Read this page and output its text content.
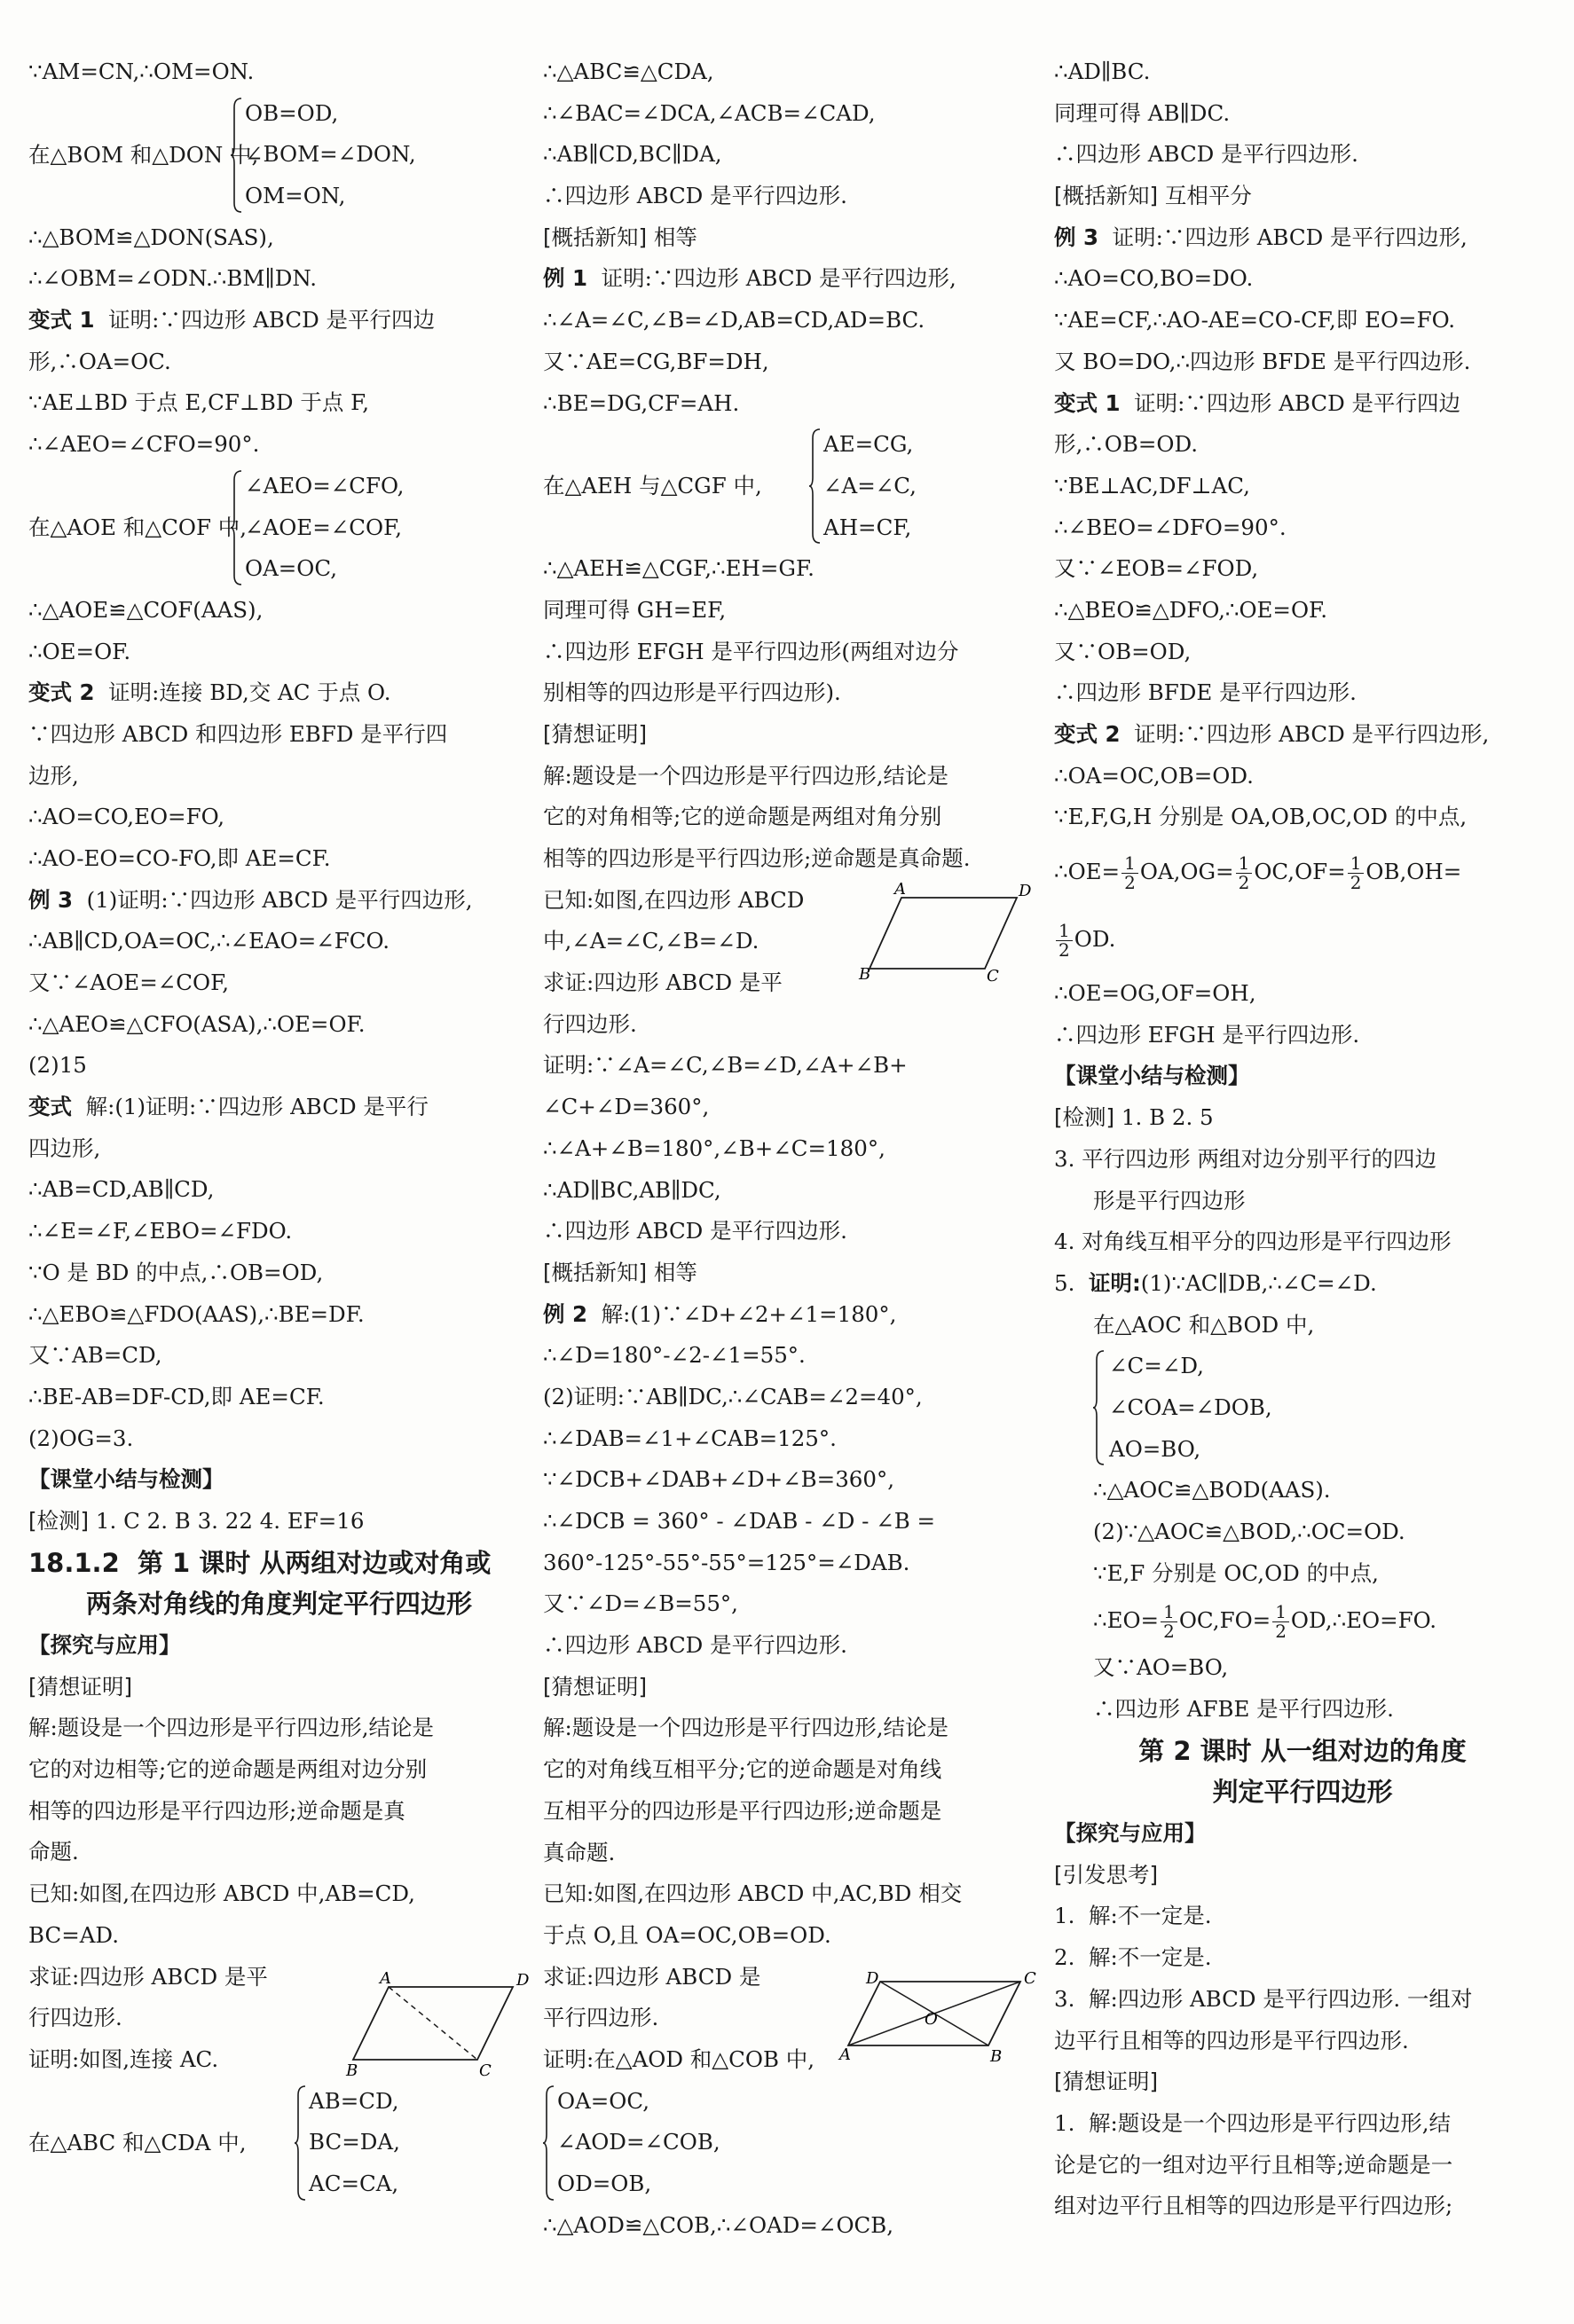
∵AM=CN,∴OM=ON.
在△BOM 和△DON 中,
OB=OD,
∠BOM=∠DON,
OM=ON,
∴△BOM≌△DON(SAS),
∴∠OBM=∠ODN.∴BM∥DN.
变式 1 证明:∵四边形 ABCD 是平行四边
形,∴OA=OC.
∵AE⊥BD 于点 E,CF⊥BD 于点 F,
∴∠AEO=∠CFO=90°.
在△AOE 和△COF 中,
∠AEO=∠CFO,
∠AOE=∠COF,
OA=OC,
∴△AOE≌△COF(AAS),
∴OE=OF.
变式 2 证明:连接 BD,交 AC 于点 O.
∵四边形 ABCD 和四边形 EBFD 是平行四
边形,
∴AO=CO,EO=FO,
∴AO-EO=CO-FO,即 AE=CF.
例 3 (1)证明:∵四边形 ABCD 是平行四边形,
∴AB∥CD,OA=OC,∴∠EAO=∠FCO.
又∵∠AOE=∠COF,
∴△AEO≌△CFO(ASA),∴OE=OF.
(2)15
变式 解:(1)证明:∵四边形 ABCD 是平行
四边形,
∴AB=CD,AB∥CD,
∴∠E=∠F,∠EBO=∠FDO.
∵O 是 BD 的中点,∴OB=OD,
∴△EBO≌△FDO(AAS),∴BE=DF.
又∵AB=CD,
∴BE-AB=DF-CD,即 AE=CF.
(2)OG=3.
【课堂小结与检测】
[检测] 1. C 2. B 3. 22 4. EF=16
18.1.2 第 1 课时 从两组对边或对角或
两条对角线的角度判定平行四边形
【探究与应用】
[猜想证明]
解:题设是一个四边形是平行四边形,结论是
它的对边相等;它的逆命题是两组对边分别
相等的四边形是平行四边形;逆命题是真
命题.
已知:如图,在四边形 ABCD 中,AB=CD,
BC=AD.
求证:四边形 ABCD 是平
行四边形.
证明:如图,连接 AC.
在△ABC 和△CDA 中,
AB=CD,
BC=DA,
AC=CA,
A	D
B	C
∴△ABC≌△CDA,
∴∠BAC=∠DCA,∠ACB=∠CAD,
∴AB∥CD,BC∥DA,
∴四边形 ABCD 是平行四边形.
[概括新知] 相等
例 1 证明:∵四边形 ABCD 是平行四边形,
∴∠A=∠C,∠B=∠D,AB=CD,AD=BC.
又∵AE=CG,BF=DH,
∴BE=DG,CF=AH.
在△AEH 与△CGF 中,
AE=CG,
∠A=∠C,
AH=CF,
∴△AEH≌△CGF,∴EH=GF.
同理可得 GH=EF,
∴四边形 EFGH 是平行四边形(两组对边分
别相等的四边形是平行四边形).
[猜想证明]
解:题设是一个四边形是平行四边形,结论是
它的对角相等;它的逆命题是两组对角分别
相等的四边形是平行四边形;逆命题是真命题.
已知:如图,在四边形 ABCD
中,∠A=∠C,∠B=∠D.
求证:四边形 ABCD 是平
行四边形.
证明:∵∠A=∠C,∠B=∠D,∠A+∠B+
∠C+∠D=360°,
∴∠A+∠B=180°,∠B+∠C=180°,
∴AD∥BC,AB∥DC,
∴四边形 ABCD 是平行四边形.
[概括新知] 相等
例 2 解:(1)∵∠D+∠2+∠1=180°,
∴∠D=180°-∠2-∠1=55°.
(2)证明:∵AB∥DC,∴∠CAB=∠2=40°,
∴∠DAB=∠1+∠CAB=125°.
∵∠DCB+∠DAB+∠D+∠B=360°,
∴∠DCB = 360° - ∠DAB - ∠D - ∠B =
360°-125°-55°-55°=125°=∠DAB.
又∵∠D=∠B=55°,
∴四边形 ABCD 是平行四边形.
[猜想证明]
解:题设是一个四边形是平行四边形,结论是
它的对角线互相平分;它的逆命题是对角线
互相平分的四边形是平行四边形;逆命题是
真命题.
已知:如图,在四边形 ABCD 中,AC,BD 相交
于点 O,且 OA=OC,OB=OD.
求证:四边形 ABCD 是
平行四边形.
证明:在△AOD 和△COB 中,
OA=OC,
∠AOD=∠COB,
OD=OB,
∴△AOD≌△COB,∴∠OAD=∠OCB,
A	D
B	C
D	C
A	B
O
∴AD∥BC.
同理可得 AB∥DC.
∴四边形 ABCD 是平行四边形.
[概括新知] 互相平分
例 3 证明:∵四边形 ABCD 是平行四边形,
∴AO=CO,BO=DO.
∵AE=CF,∴AO-AE=CO-CF,即 EO=FO.
又 BO=DO,∴四边形 BFDE 是平行四边形.
变式 1 证明:∵四边形 ABCD 是平行四边
形,∴OB=OD.
∵BE⊥AC,DF⊥AC,
∴∠BEO=∠DFO=90°.
又∵∠EOB=∠FOD,
∴△BEO≌△DFO,∴OE=OF.
又∵OB=OD,
∴四边形 BFDE 是平行四边形.
变式 2 证明:∵四边形 ABCD 是平行四边形,
∴OA=OC,OB=OD.
∵E,F,G,H 分别是 OA,OB,OC,OD 的中点,
∴OE= $\frac{1}{2} OA,OG= \frac{1}{2} OC,OF= \frac{1}{2} OB,OH=$
$\frac{1}{2}$ OD.
∴OE=OG,OF=OH,
∴四边形 EFGH 是平行四边形.
【课堂小结与检测】
[检测] 1. B 2. 5
3. 平行四边形 两组对边分别平行的四边
形是平行四边形
4. 对角线互相平分的四边形是平行四边形
5. 证明:(1)∵AC∥DB,∴∠C=∠D.
在△AOC 和△BOD 中,
∠C=∠D,
∠COA=∠DOB,
AO=BO,
∴△AOC≌△BOD(AAS).
(2)∵△AOC≌△BOD,∴OC=OD.
∵E,F 分别是 OC,OD 的中点,
∴EO= $\frac{1}{2} OC,FO= \frac{1}{2}$ OD,∴EO=FO.
又∵AO=BO,
∴四边形 AFBE 是平行四边形.
第 2 课时 从一组对边的角度
判定平行四边形
【探究与应用】
[引发思考]
1. 解:不一定是.
2. 解:不一定是.
3. 解:四边形 ABCD 是平行四边形. 一组对
边平行且相等的四边形是平行四边形.
[猜想证明]
1. 解:题设是一个四边形是平行四边形,结
论是它的一组对边平行且相等;逆命题是一
组对边平行且相等的四边形是平行四边形;
